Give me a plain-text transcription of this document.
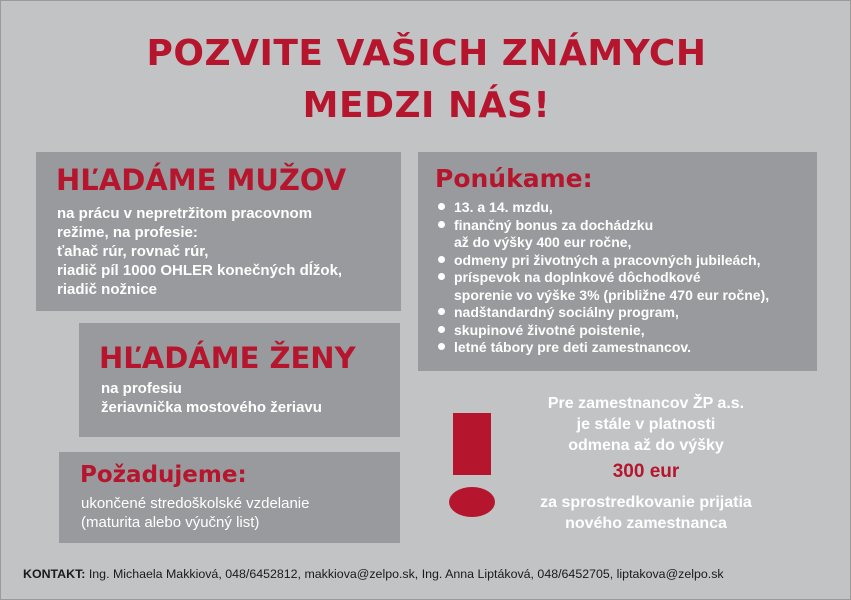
POZVITE VAŠICH ZNÁMYCH
MEDZI NÁS!
HĽADÁME MUŽOV
na prácu v nepretržitom pracovnom
režime, na profesie:
ťahač rúr, rovnač rúr,
riadič píl 1000 OHLER konečných dĺžok,
riadič nožnice
HĽADÁME ŽENY
na profesiu
žeriavnička mostového žeriavu
Požadujeme:
ukončené stredoškolské vzdelanie
(maturita alebo výučný list)
Ponúkame:
13. a 14. mzdu,
finančný bonus za dochádzku
až do výšky 400 eur ročne,
odmeny pri životných a pracovných jubileách,
príspevok na doplnkové dôchodkové
sporenie vo výške 3% (približne 470 eur ročne),
nadštandardný sociálny program,
skupinové životné poistenie,
letné tábory pre deti zamestnancov.
Pre zamestnancov ŽP a.s.
je stále v platnosti
odmena až do výšky
300 eur
za sprostredkovanie prijatia
nového zamestnanca
KONTAKT: Ing. Michaela Makkiová, 048/6452812, makkiova@zelpo.sk, Ing. Anna Liptáková, 048/6452705, liptakova@zelpo.sk
